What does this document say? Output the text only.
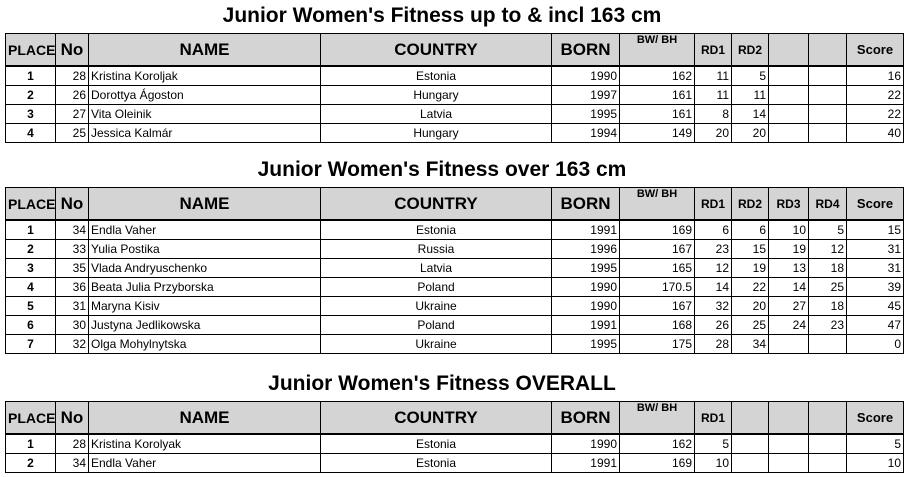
Junior Women's Fitness up to & incl 163 cm
PLACE	No	NAME	COUNTRY	BORN	BW/ BH	RD1	RD2			Score
1	28	Kristina Koroljak	Estonia	1990	162	11	5			16
2	26	Dorottya Ágoston	Hungary	1997	161	11	11			22
3	27	Vita Oleinik	Latvia	1995	161	8	14			22
4	25	Jessica Kalmár	Hungary	1994	149	20	20			40
Junior Women's Fitness over 163 cm
PLACE	No	NAME	COUNTRY	BORN	BW/ BH	RD1	RD2	RD3	RD4	Score
1	34	Endla Vaher	Estonia	1991	169	6	6	10	5	15
2	33	Yulia Postika	Russia	1996	167	23	15	19	12	31
3	35	Vlada Andryuschenko	Latvia	1995	165	12	19	13	18	31
4	36	Beata Julia Przyborska	Poland	1990	170.5	14	22	14	25	39
5	31	Maryna Kisiv	Ukraine	1990	167	32	20	27	18	45
6	30	Justyna Jedlikowska	Poland	1991	168	26	25	24	23	47
7	32	Olga Mohylnytska	Ukraine	1995	175	28	34			0
Junior Women's Fitness OVERALL
PLACE	No	NAME	COUNTRY	BORN	BW/ BH	RD1				Score
1	28	Kristina Korolyak	Estonia	1990	162	5				5
2	34	Endla Vaher	Estonia	1991	169	10				10
